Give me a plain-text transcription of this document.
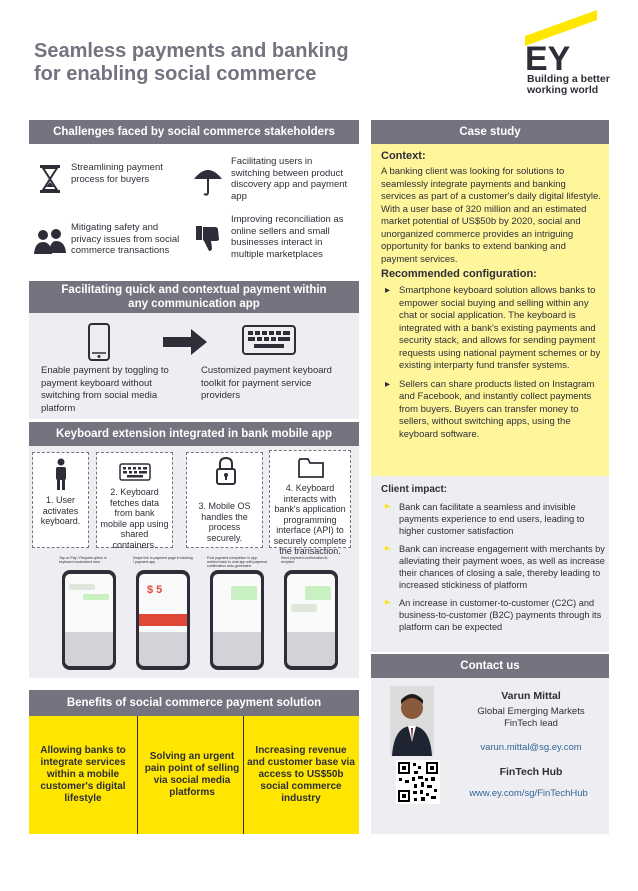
Seamless payments and banking
for enabling social commerce	EY
Building a better
working world
Challenges faced by social commerce stakeholders
Streamlining payment process for buyers
Facilitating users in switching between product discovery app and payment app
Mitigating safety and privacy issues from social commerce transactions
Improving reconciliation as online sellers and small businesses interact in multiple marketplaces
Facilitating quick and contextual payment within
any communication app
Enable payment by toggling to payment keyboard without switching from social media platform
Customized payment keyboard toolkit for payment service providers
Keyboard extension integrated in bank mobile app
1. User activates keyboard.
2. Keyboard fetches data from bank mobile app using shared containers.
3. Mobile OS handles the process securely.
4. Keyboard interacts with bank's application programming interface (API) to securely complete the transaction.
Tap on Pay / Request option in keyboard customized area
Swipe link to payment page in banking / payment app
$ 5
Post payment completion in app, redirect back to chat app with payment confirmation auto-generated
Send payment confirmation to recipient
Benefits of social commerce payment solution
Allowing banks to integrate services within a mobile customer's digital lifestyle
Solving an urgent pain point of selling via social media platforms
Increasing revenue and customer base via access to US$50b social commerce industry
Case study
Context:
A banking client was looking for solutions to seamlessly integrate payments and banking services as part of a customer's daily digital lifestyle. With a user base of 320 million and an estimated market potential of US$50b by 2020, social and unorganized commerce provides an intriguing opportunity for banks to extend banking and payment services.
Recommended configuration:
▸ Smartphone keyboard solution allows banks to empower social buying and selling within any chat or social application. The keyboard is integrated with a bank's existing payments and security stack, and allows for sending payment requests using national payment schemes or by existing interparty fund transfer systems.
▸ Sellers can share products listed on Instagram and Facebook, and instantly collect payments from buyers. Buyers can transfer money to sellers, without switching apps, using the keyboard software.
Client impact:
▸ Bank can facilitate a seamless and invisible payments experience to end users, leading to higher customer satisfaction
▸ Bank can increase engagement with merchants by alleviating their payment woes, as well as increase their chances of closing a sale, thereby leading to increased stickiness of platform
▸ An increase in customer-to-customer (C2C) and business-to-customer (B2C) payments through its platform can be expected
Contact us
Varun Mittal
Global Emerging Markets
FinTech lead
varun.mittal@sg.ey.com
FinTech Hub
www.ey.com/sg/FinTechHub
